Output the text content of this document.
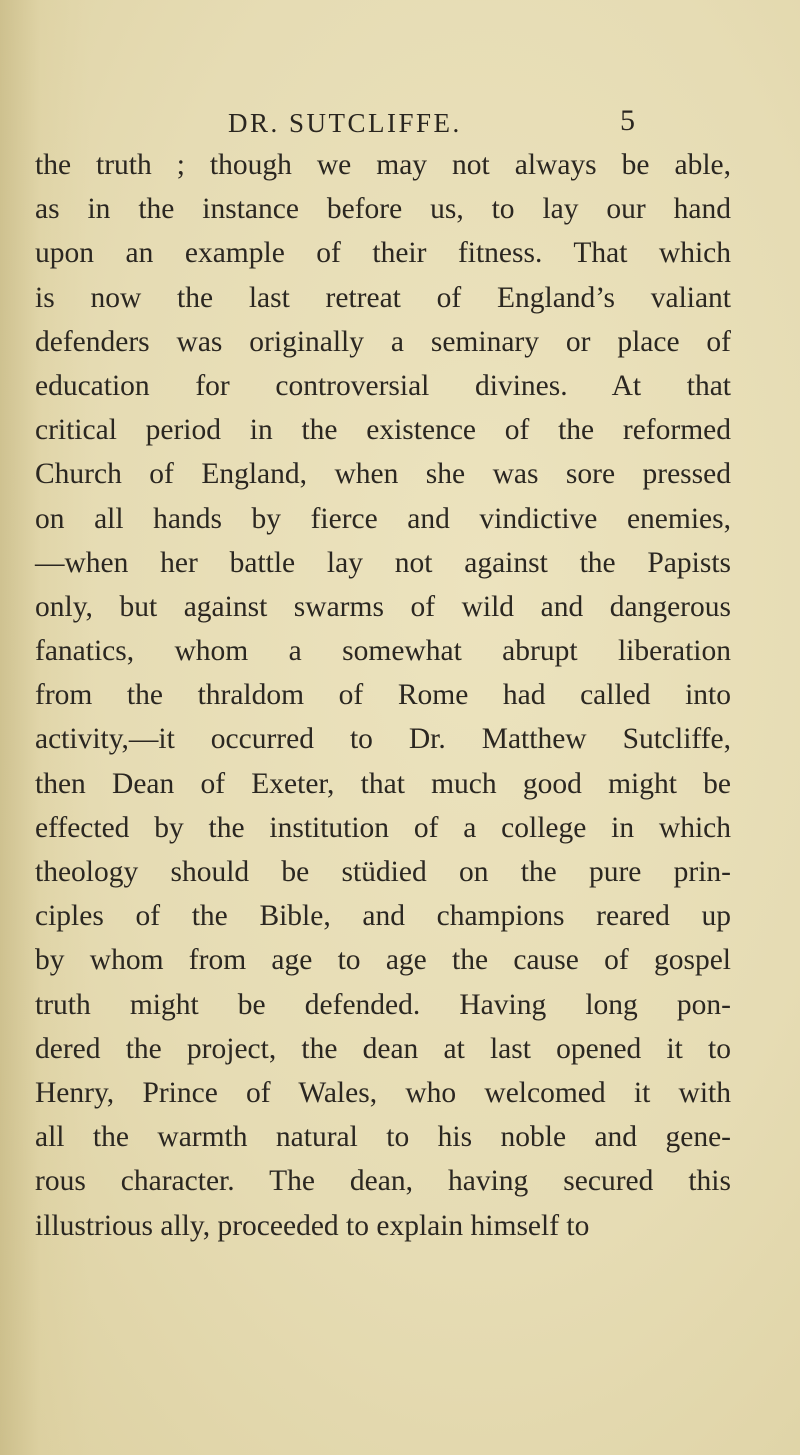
DR. SUTCLIFFE.	5
the truth ; though we may not always be able,
as in the instance before us, to lay our hand
upon an example of their fitness. That which
is now the last retreat of England’s valiant
defenders was originally a seminary or place of
education for controversial divines. At that
critical period in the existence of the reformed
Church of England, when she was sore pressed
on all hands by fierce and vindictive enemies,
—when her battle lay not against the Papists
only, but against swarms of wild and dangerous
fanatics, whom a somewhat abrupt liberation
from the thraldom of Rome had called into
activity,—it occurred to Dr. Matthew Sutcliffe,
then Dean of Exeter, that much good might be
effected by the institution of a college in which
theology should be stüdied on the pure prin-
ciples of the Bible, and champions reared up
by whom from age to age the cause of gospel
truth might be defended. Having long pon-
dered the project, the dean at last opened it to
Henry, Prince of Wales, who welcomed it with
all the warmth natural to his noble and gene-
rous character. The dean, having secured this
illustrious ally, proceeded to explain himself to
